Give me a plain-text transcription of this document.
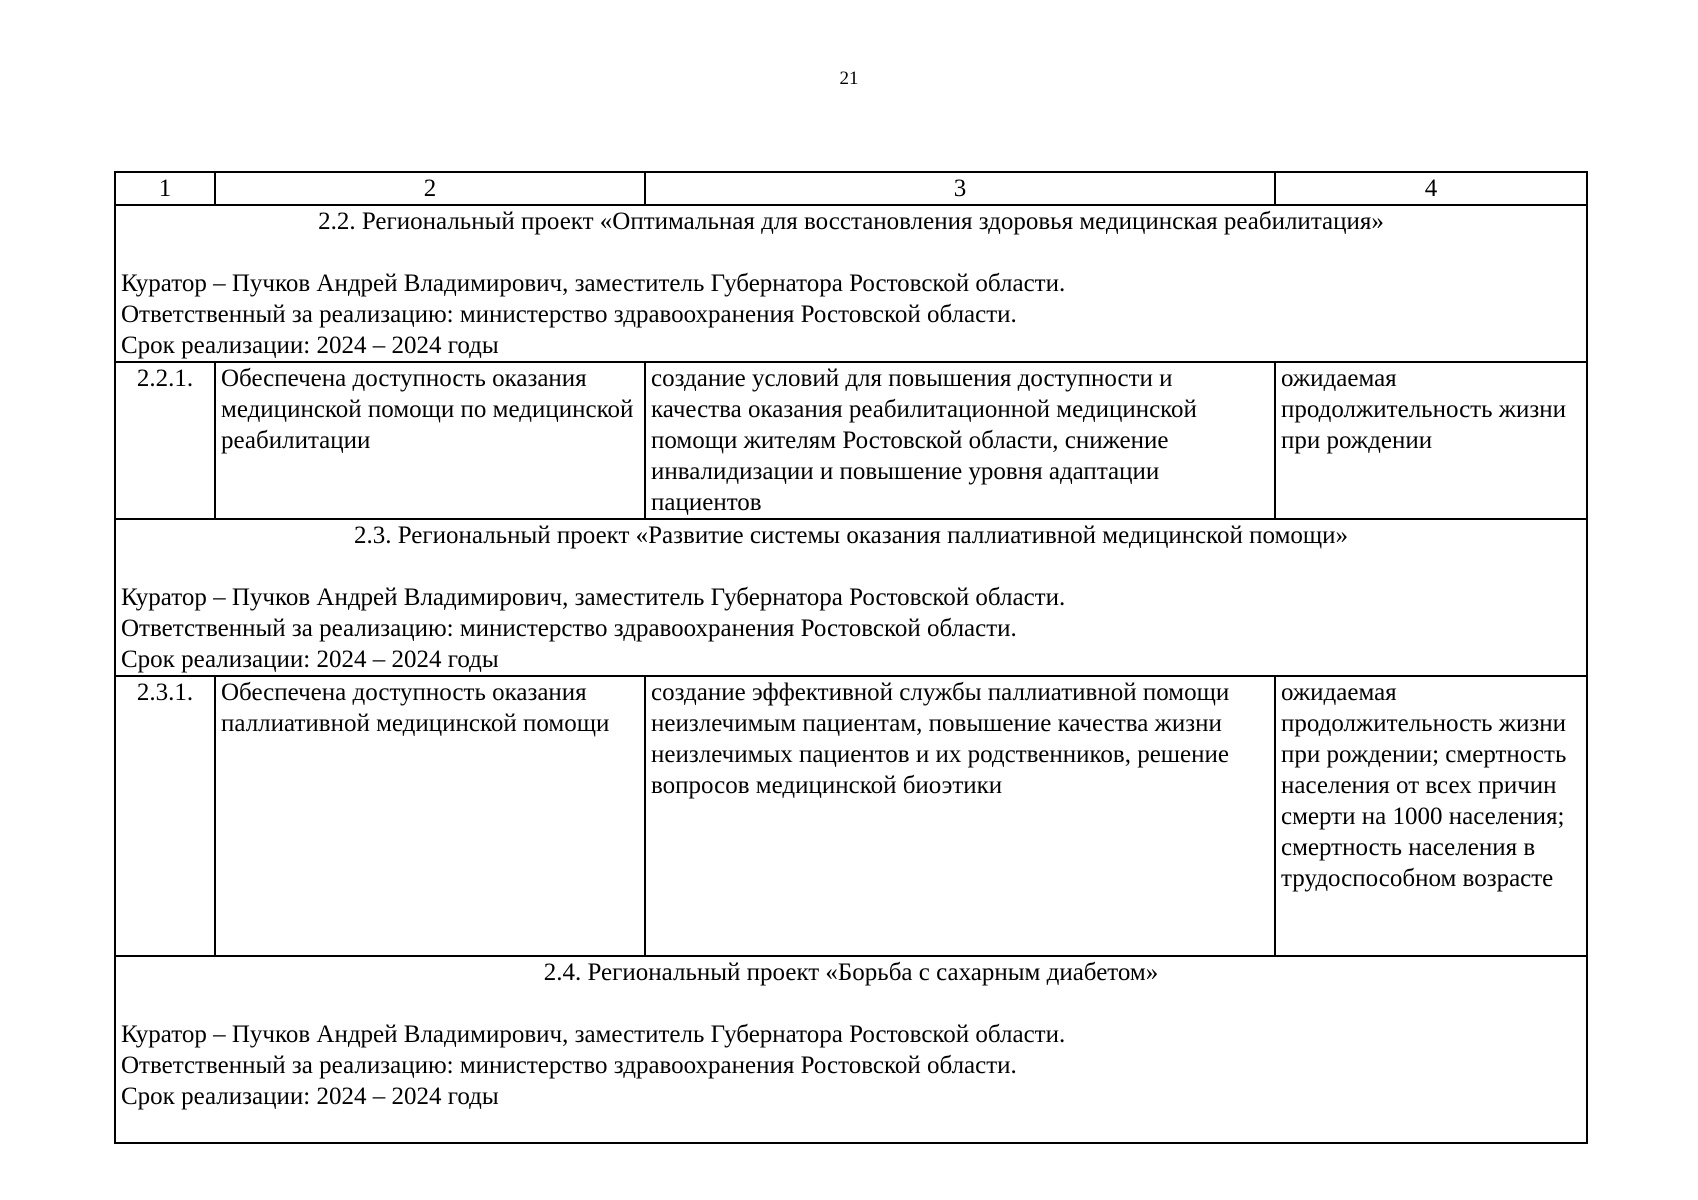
21
1	2	3	4

2.2. Региональный проект «Оптимальная для восстановления здоровья медицинская реабилитация»
Куратор – Пучков Андрей Владимирович, заместитель Губернатора Ростовской области.
Ответственный за реализацию: министерство здравоохранения Ростовской области.
Срок реализации: 2024 – 2024 годы			

2.2.1.	Обеспечена доступность оказания медицинской помощи по медицинской реабилитации	создание условий для повышения доступности и качества оказания реабилитационной медицинской помощи жителям Ростовской области, снижение инвалидизации и повышение уровня адаптации пациентов	ожидаемая продолжительность жизни при рождении

2.3. Региональный проект «Развитие системы оказания паллиативной медицинской помощи»
Куратор – Пучков Андрей Владимирович, заместитель Губернатора Ростовской области.
Ответственный за реализацию: министерство здравоохранения Ростовской области.
Срок реализации: 2024 – 2024 годы			

2.3.1.	Обеспечена доступность оказания паллиативной медицинской помощи	создание эффективной службы паллиативной помощи неизлечимым пациентам, повышение качества жизни неизлечимых пациентов и их родственников, решение вопросов медицинской биоэтики	ожидаемая продолжительность жизни при рождении; смертность населения от всех причин смерти на 1000 населения; смертность населения в трудоспособном возрасте

2.4. Региональный проект «Борьба с сахарным диабетом»
Куратор – Пучков Андрей Владимирович, заместитель Губернатора Ростовской области.
Ответственный за реализацию: министерство здравоохранения Ростовской области.
Срок реализации: 2024 – 2024 годы			
